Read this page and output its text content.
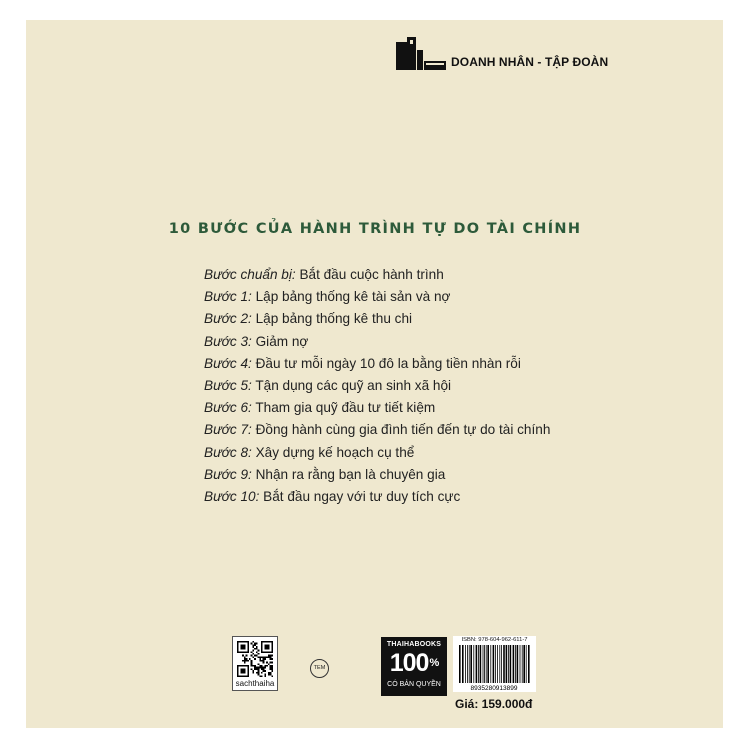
DOANH NHÂN - TẬP ĐOÀN
10 BƯỚC CỦA HÀNH TRÌNH TỰ DO TÀI CHÍNH
Bước chuẩn bị: Bắt đầu cuộc hành trình
Bước 1: Lập bảng thống kê tài sản và nợ
Bước 2: Lập bảng thống kê thu chi
Bước 3: Giảm nợ
Bước 4: Đầu tư mỗi ngày 10 đô la bằng tiền nhàn rỗi
Bước 5: Tận dụng các quỹ an sinh xã hội
Bước 6: Tham gia quỹ đầu tư tiết kiệm
Bước 7: Đồng hành cùng gia đình tiến đến tự do tài chính
Bước 8: Xây dựng kế hoạch cụ thể
Bước 9: Nhận ra rằng bạn là chuyên gia
Bước 10: Bắt đầu ngay với tư duy tích cực
sachthaiha
TEM
THAIHABOOKS
100%
CÓ BẢN QUYỀN
ISBN: 978-604-962-611-7
8935280913899
Giá: 159.000đ
